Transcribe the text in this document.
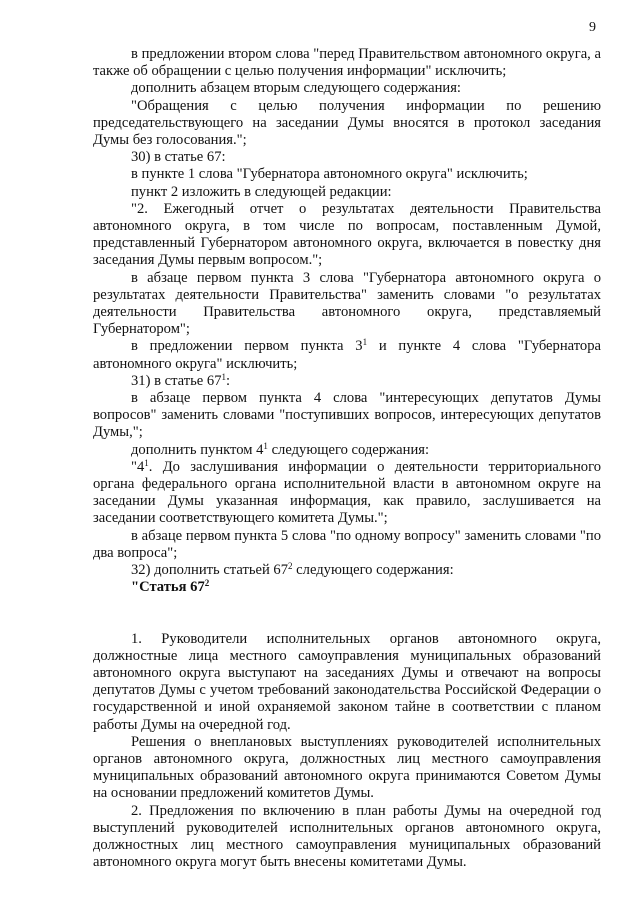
9

в предложении втором слова "перед Правительством автономного округа, а также об обращении с целью получения информации" исключить;

дополнить абзацем вторым следующего содержания:

"Обращения с целью получения информации по решению председательствующего на заседании Думы вносятся в протокол заседания Думы без голосования.";

30) в статье 67:

в пункте 1 слова "Губернатора автономного округа" исключить;

пункт 2 изложить в следующей редакции:

"2. Ежегодный отчет о результатах деятельности Правительства автономного округа, в том числе по вопросам, поставленным Думой, представленный Губернатором автономного округа, включается в повестку дня заседания Думы первым вопросом.";

в абзаце первом пункта 3 слова "Губернатора автономного округа о результатах деятельности Правительства" заменить словами "о результатах деятельности Правительства автономного округа, представляемый Губернатором";

в предложении первом пункта $3^1$ и пункте 4 слова "Губернатора автономного округа" исключить;

31) в статье $67^1$:

в абзаце первом пункта 4 слова "интересующих депутатов Думы вопросов" заменить словами "поступивших вопросов, интересующих депутатов Думы,";

дополнить пунктом $4^1$ следующего содержания:

"$4^1$. До заслушивания информации о деятельности территориального органа федерального органа исполнительной власти в автономном округе на заседании Думы указанная информация, как правило, заслушивается на заседании соответствующего комитета Думы.";

в абзаце первом пункта 5 слова "по одному вопросу" заменить словами "по два вопроса";

32) дополнить статьей $67^2$ следующего содержания:

"Статья $67^2$

1. Руководители исполнительных органов автономного округа, должностные лица местного самоуправления муниципальных образований автономного округа выступают на заседаниях Думы и отвечают на вопросы депутатов Думы с учетом требований законодательства Российской Федерации о государственной и иной охраняемой законом тайне в соответствии с планом работы Думы на очередной год.

Решения о внеплановых выступлениях руководителей исполнительных органов автономного округа, должностных лиц местного самоуправления муниципальных образований автономного округа принимаются Советом Думы на основании предложений комитетов Думы.

2. Предложения по включению в план работы Думы на очередной год выступлений руководителей исполнительных органов автономного округа, должностных лиц местного самоуправления муниципальных образований автономного округа могут быть внесены комитетами Думы.
